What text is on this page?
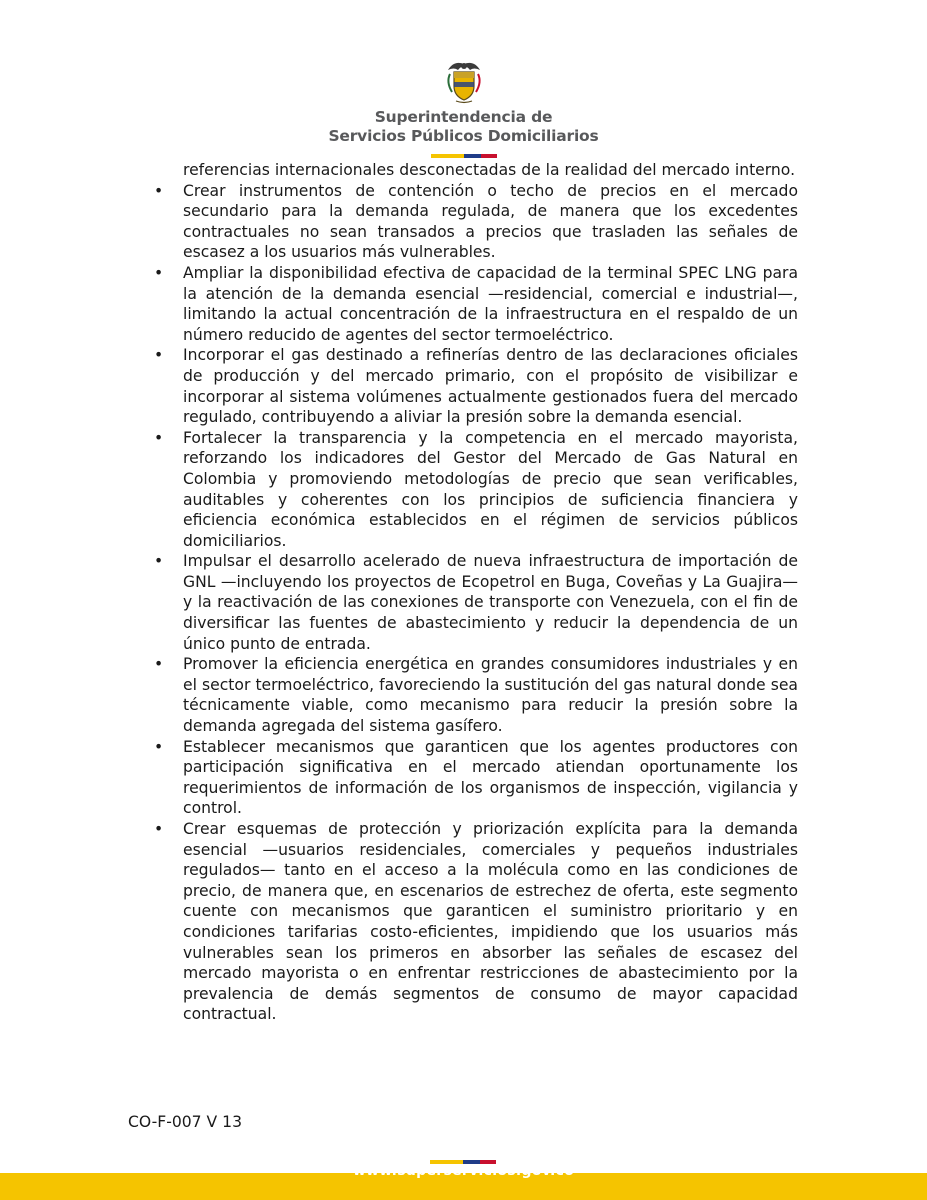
Superintendencia de
Servicios Públicos Domiciliarios

referencias internacionales desconectadas de la realidad del mercado interno.

• Crear instrumentos de contención o techo de precios en el mercado secundario para la demanda regulada, de manera que los excedentes contractuales no sean transados a precios que trasladen las señales de escasez a los usuarios más vulnerables.
• Ampliar la disponibilidad efectiva de capacidad de la terminal SPEC LNG para la atención de la demanda esencial —residencial, comercial e industrial—, limitando la actual concentración de la infraestructura en el respaldo de un número reducido de agentes del sector termoeléctrico.
• Incorporar el gas destinado a refinerías dentro de las declaraciones oficiales de producción y del mercado primario, con el propósito de visibilizar e incorporar al sistema volúmenes actualmente gestionados fuera del mercado regulado, contribuyendo a aliviar la presión sobre la demanda esencial.
• Fortalecer la transparencia y la competencia en el mercado mayorista, reforzando los indicadores del Gestor del Mercado de Gas Natural en Colombia y promoviendo metodologías de precio que sean verificables, auditables y coherentes con los principios de suficiencia financiera y eficiencia económica establecidos en el régimen de servicios públicos domiciliarios.
• Impulsar el desarrollo acelerado de nueva infraestructura de importación de GNL —incluyendo los proyectos de Ecopetrol en Buga, Coveñas y La Guajira— y la reactivación de las conexiones de transporte con Venezuela, con el fin de diversificar las fuentes de abastecimiento y reducir la dependencia de un único punto de entrada.
• Promover la eficiencia energética en grandes consumidores industriales y en el sector termoeléctrico, favoreciendo la sustitución del gas natural donde sea técnicamente viable, como mecanismo para reducir la presión sobre la demanda agregada del sistema gasífero.
• Establecer mecanismos que garanticen que los agentes productores con participación significativa en el mercado atiendan oportunamente los requerimientos de información de los organismos de inspección, vigilancia y control.
• Crear esquemas de protección y priorización explícita para la demanda esencial —usuarios residenciales, comerciales y pequeños industriales regulados— tanto en el acceso a la molécula como en las condiciones de precio, de manera que, en escenarios de estrechez de oferta, este segmento cuente con mecanismos que garanticen el suministro prioritario y en condiciones tarifarias costo-eficientes, impidiendo que los usuarios más vulnerables sean los primeros en absorber las señales de escasez del mercado mayorista o en enfrentar restricciones de abastecimiento por la prevalencia de demás segmentos de consumo de mayor capacidad contractual.
CO-F-007 V 13
www.superservicios.gov.co
